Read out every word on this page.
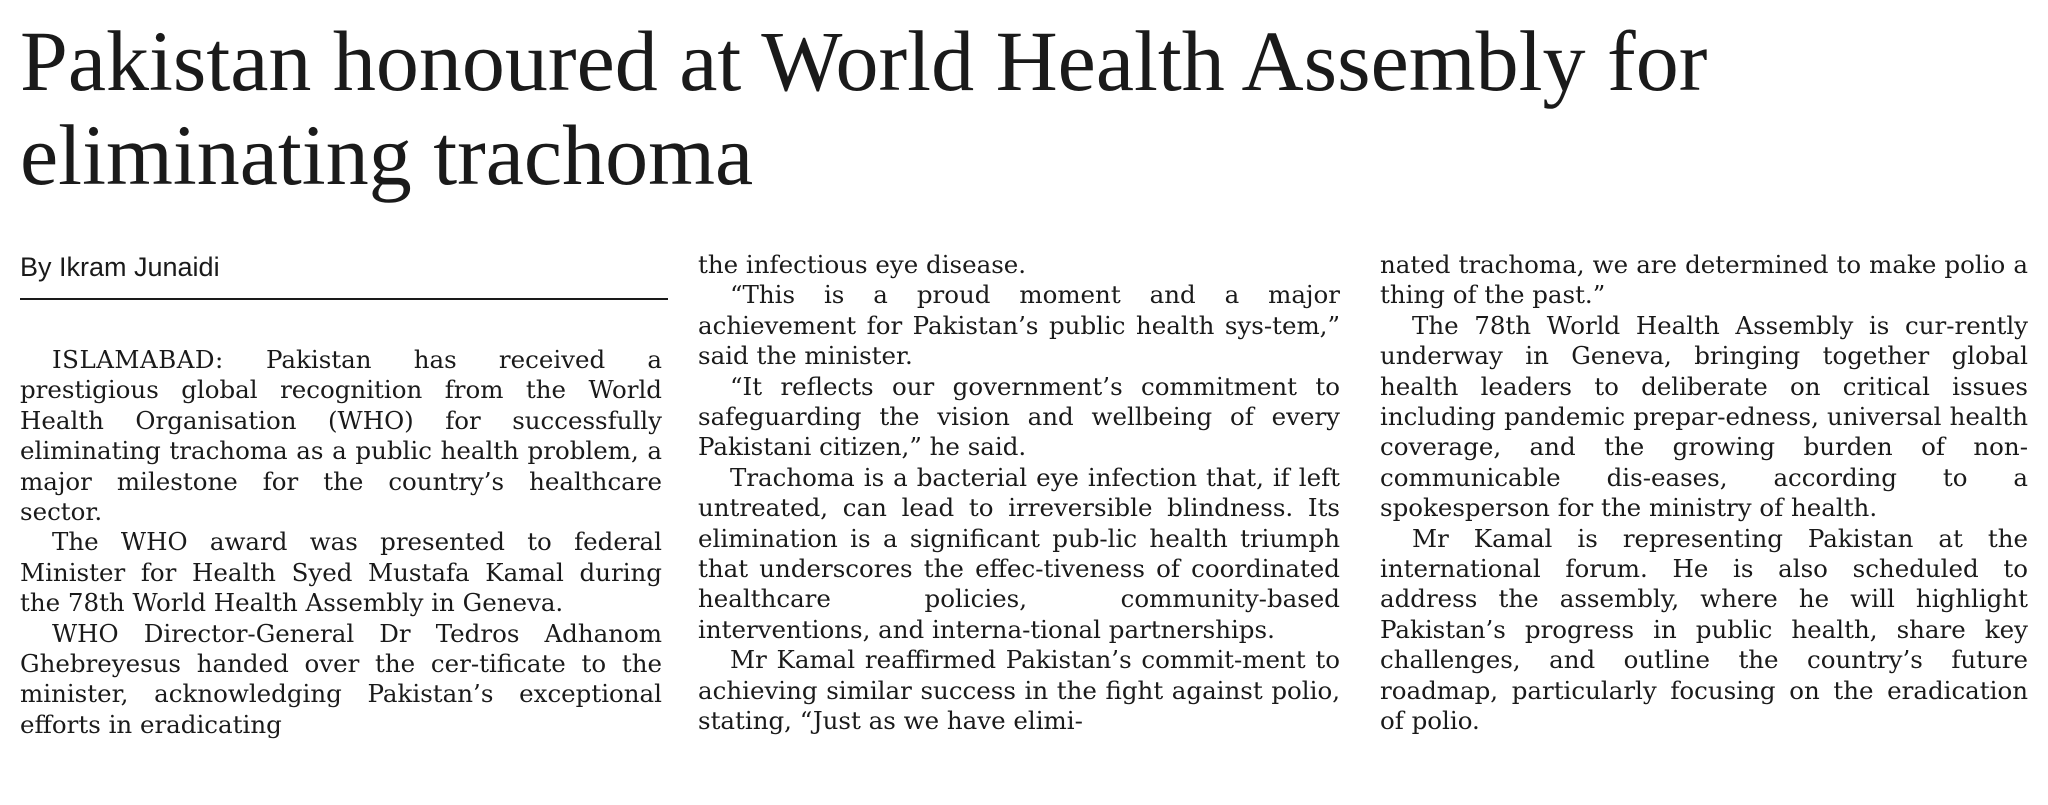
Pakistan honoured at World Health Assembly for eliminating trachoma
By Ikram Junaidi

ISLAMABAD: Pakistan has received a prestigious global recognition from the World Health Organisation (WHO) for successfully eliminating trachoma as a public health problem, a major milestone for the country’s healthcare sector.

The WHO award was presented to federal Minister for Health Syed Mustafa Kamal during the 78th World Health Assembly in Geneva.

WHO Director-General Dr Tedros Adhanom Ghebreyesus handed over the cer-tificate to the minister, acknowledging Pakistan’s exceptional efforts in eradicating

the infectious eye disease.

“This is a proud moment and a major achievement for Pakistan’s public health sys-tem,” said the minister.

“It reflects our government’s commitment to safeguarding the vision and wellbeing of every Pakistani citizen,” he said.

Trachoma is a bacterial eye infection that, if left untreated, can lead to irreversible blindness. Its elimination is a significant pub-lic health triumph that underscores the effec-tiveness of coordinated healthcare policies, community-based interventions, and interna-tional partnerships.

Mr Kamal reaffirmed Pakistan’s commit-ment to achieving similar success in the fight against polio, stating, “Just as we have elimi-

nated trachoma, we are determined to make polio a thing of the past.”

The 78th World Health Assembly is cur-rently underway in Geneva, bringing together global health leaders to deliberate on critical issues including pandemic prepar-edness, universal health coverage, and the growing burden of non-communicable dis-eases, according to a spokesperson for the ministry of health.

Mr Kamal is representing Pakistan at the international forum. He is also scheduled to address the assembly, where he will highlight Pakistan’s progress in public health, share key challenges, and outline the country’s future roadmap, particularly focusing on the eradication of polio.
